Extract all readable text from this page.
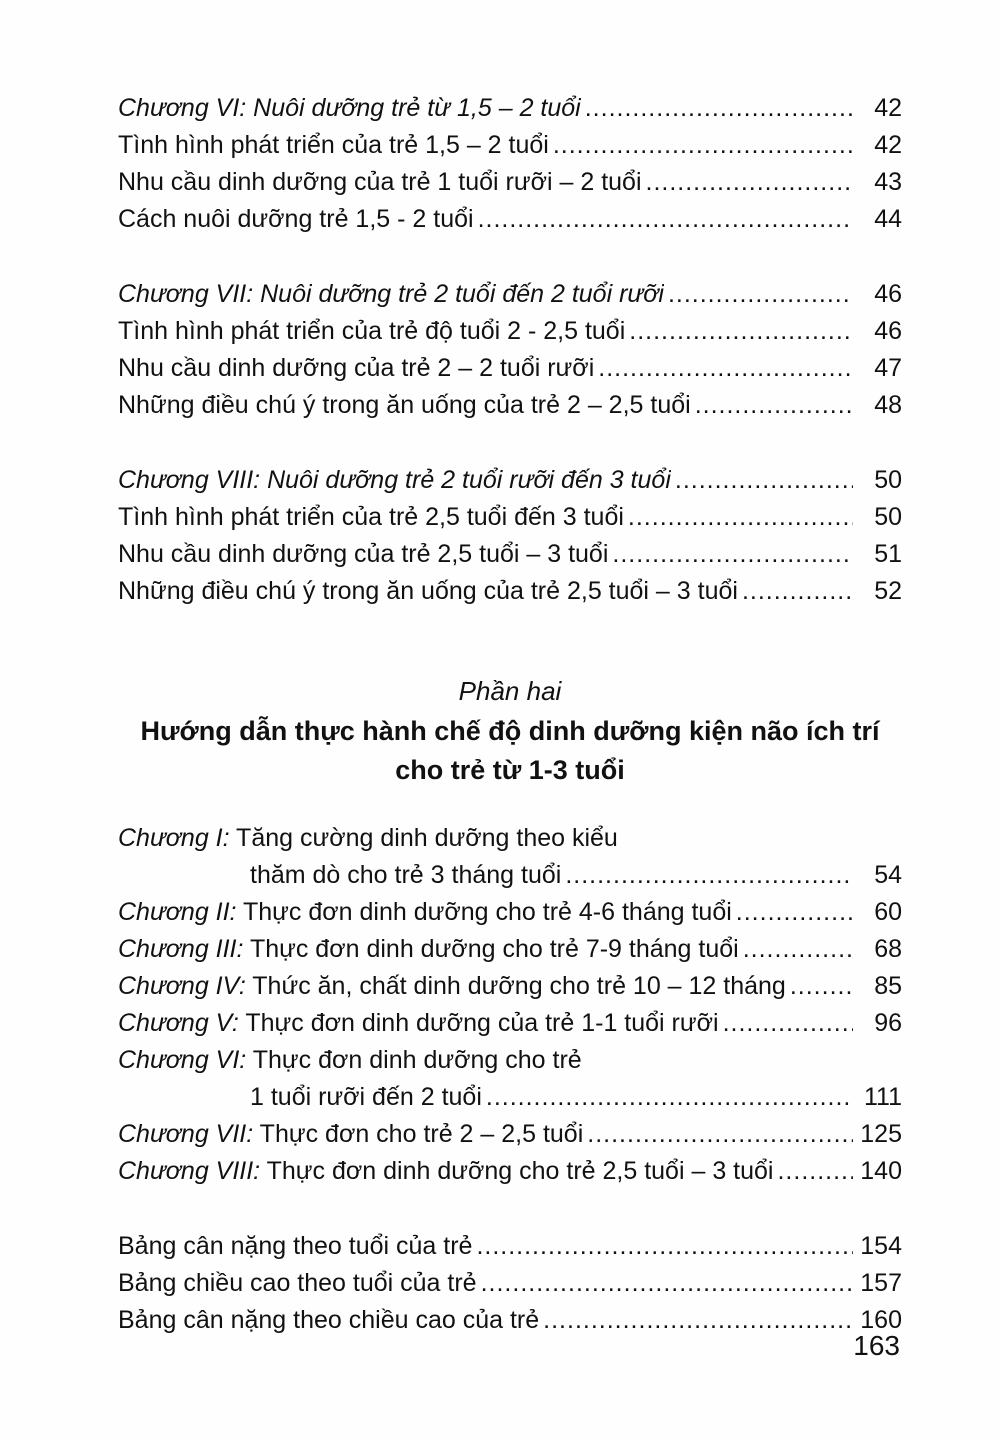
Chương VI: Nuôi dưỡng trẻ từ 1,5 – 2 tuổi .....	42
Tình hình phát triển của trẻ 1,5 – 2 tuổi .....	42
Nhu cầu dinh dưỡng của trẻ 1 tuổi rưỡi – 2 tuổi .....	43
Cách nuôi dưỡng trẻ 1,5 - 2 tuổi .....	44
Chương VII: Nuôi dưỡng trẻ 2 tuổi đến 2 tuổi rưỡi .....	46
Tình hình phát triển của trẻ độ tuổi 2 - 2,5 tuổi .....	46
Nhu cầu dinh dưỡng của trẻ 2 – 2 tuổi rưỡi .....	47
Những điều chú ý trong ăn uống của trẻ 2 – 2,5 tuổi .....	48
Chương VIII: Nuôi dưỡng trẻ 2 tuổi rưỡi đến 3 tuổi .....	50
Tình hình phát triển của trẻ 2,5 tuổi đến 3 tuổi .....	50
Nhu cầu dinh dưỡng của trẻ 2,5 tuổi – 3 tuổi .....	51
Những điều chú ý trong ăn uống của trẻ 2,5 tuổi – 3 tuổi .....	52
Phần hai
Hướng dẫn thực hành chế độ dinh dưỡng kiện não ích trí
cho trẻ từ 1-3 tuổi
Chương I: Tăng cường dinh dưỡng theo kiểu
thăm dò cho trẻ 3 tháng tuổi .....	54
Chương II: Thực đơn dinh dưỡng cho trẻ 4-6 tháng tuổi .....	60
Chương III: Thực đơn dinh dưỡng cho trẻ 7-9 tháng tuổi .....	68
Chương IV: Thức ăn, chất dinh dưỡng cho trẻ 10 – 12 tháng .....	85
Chương V: Thực đơn dinh dưỡng của trẻ 1-1 tuổi rưỡi .....	96
Chương VI: Thực đơn dinh dưỡng cho trẻ
1 tuổi rưỡi đến 2 tuổi .....	111
Chương VII: Thực đơn cho trẻ 2 – 2,5 tuổi .....	125
Chương VIII: Thực đơn dinh dưỡng cho trẻ 2,5 tuổi – 3 tuổi .....	140
Bảng cân nặng theo tuổi của trẻ .....	154
Bảng chiều cao theo tuổi của trẻ .....	157
Bảng cân nặng theo chiều cao của trẻ .....	160
163
